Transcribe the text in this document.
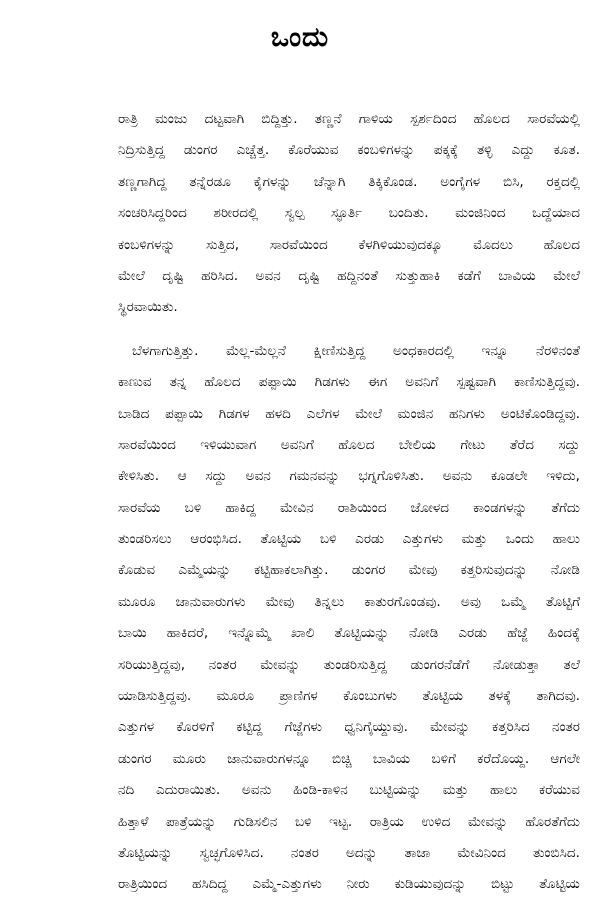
ಒಂದು
ರಾತ್ರಿ ಮಂಜು ದಟ್ಟವಾಗಿ ಬಿದ್ದಿತ್ತು. ತಣ್ಣನೆ ಗಾಳಿಯ ಸ್ಪರ್ಶದಿಂದ ಹೊಲದ ಸಾರವೆಯಲ್ಲಿ
ನಿದ್ರಿಸುತ್ತಿದ್ದ ಡುಂಗರ ಎಚ್ಚೆತ್ತ. ಕೊರೆಯುವ ಕಂಬಳಿಗಳನ್ನು ಪಕ್ಕಕ್ಕೆ ತಳ್ಳಿ ಎದ್ದು ಕೂತ.
ತಣ್ಣಗಾಗಿದ್ದ ತನ್ನೆರಡೂ ಕೈಗಳನ್ನು ಚೆನ್ನಾಗಿ ತಿಕ್ಕಿಕೊಂಡ. ಅಂಗೈಗಳ ಬಿಸಿ, ರಕ್ತದಲ್ಲಿ
ಸಂಚರಿಸಿದ್ದರಿಂದ ಶರೀರದಲ್ಲಿ ಸ್ವಲ್ಪ ಸ್ಫೂರ್ತಿ ಬಂದಿತು. ಮಂಜಿನಿಂದ ಒದ್ದೆಯಾದ
ಕಂಬಳಿಗಳನ್ನು ಸುತ್ತಿದ, ಸಾರವೆಯಿಂದ ಕೆಳಗಿಳಿಯುವುದಕ್ಕೂ ಮೊದಲು ಹೊಲದ
ಮೇಲೆ ದೃಷ್ಟಿ ಹರಿಸಿದ. ಅವನ ದೃಷ್ಟಿ ಹದ್ದಿನಂತೆ ಸುತ್ತುಹಾಕಿ ಕಡೆಗೆ ಬಾವಿಯ ಮೇಲೆ
ಸ್ಥಿರವಾಯಿತು.
ಬೆಳಗಾಗುತ್ತಿತ್ತು. ಮೆಲ್ಲ-ಮೆಲ್ಲನೆ ಕ್ಷೀಣಿಸುತ್ತಿದ್ದ ಅಂಧಕಾರದಲ್ಲಿ ಇನ್ನೂ ನೆರಳಿನಂತೆ
ಕಾಣುವ ತನ್ನ ಹೊಲದ ಪಪ್ಪಾಯಿ ಗಿಡಗಳು ಈಗ ಅವನಿಗೆ ಸ್ಪಷ್ಟವಾಗಿ ಕಾಣಿಸುತ್ತಿದ್ದವು.
ಬಾಡಿದ ಪಪ್ಪಾಯಿ ಗಿಡಗಳ ಹಳದಿ ಎಲೆಗಳ ಮೇಲೆ ಮಂಜಿನ ಹನಿಗಳು ಅಂಟಿಕೊಂಡಿದ್ದವು.
ಸಾರವೆಯಿಂದ ಇಳಿಯುವಾಗ ಅವನಿಗೆ ಹೊಲದ ಬೇಲಿಯ ಗೇಟು ತೆರೆದ ಸದ್ದು
ಕೇಳಿಸಿತು. ಆ ಸದ್ದು ಅವನ ಗಮನವನ್ನು ಭಗ್ನಗೊಳಿಸಿತು. ಅವನು ಕೂಡಲೇ ಇಳಿದು,
ಸಾರವೆಯ ಬಳಿ ಹಾಕಿದ್ದ ಮೇವಿನ ರಾಶಿಯಿಂದ ಜೋಳದ ಕಾಂಡಗಳನ್ನು ತೆಗೆದು
ತುಂಡರಿಸಲು ಆರಂಭಿಸಿದ. ತೊಟ್ಟಿಯ ಬಳಿ ಎರಡು ಎತ್ತುಗಳು ಮತ್ತು ಒಂದು ಹಾಲು
ಕೊಡುವ ಎಮ್ಮೆಯನ್ನು ಕಟ್ಟಿಹಾಕಲಾಗಿತ್ತು. ಡುಂಗರ ಮೇವು ಕತ್ತರಿಸುವುದನ್ನು ನೋಡಿ
ಮೂರೂ ಜಾನುವಾರುಗಳು ಮೇವು ತಿನ್ನಲು ಕಾತುರಗೊಂಡವು. ಅವು ಒಮ್ಮೆ ತೊಟ್ಟಿಗೆ
ಬಾಯಿ ಹಾಕಿದರೆ, ಇನ್ನೊಮ್ಮೆ ಖಾಲಿ ತೊಟ್ಟಿಯನ್ನು ನೋಡಿ ಎರಡು ಹೆಜ್ಜೆ ಹಿಂದಕ್ಕೆ
ಸರಿಯುತ್ತಿದ್ದವು, ನಂತರ ಮೇವನ್ನು ತುಂಡರಿಸುತ್ತಿದ್ದ ಡುಂಗರನೆಡೆಗೆ ನೋಡುತ್ತಾ ತಲೆ
ಯಾಡಿಸುತ್ತಿದ್ದವು. ಮೂರೂ ಪ್ರಾಣಿಗಳ ಕೊಂಬುಗಳು ತೊಟ್ಟಿಯ ತಳಕ್ಕೆ ತಾಗಿದವು.
ಎತ್ತುಗಳ ಕೊರಳಿಗೆ ಕಟ್ಟಿದ್ದ ಗೆಜ್ಜೆಗಳು ಧ್ವನಿಗೈಯ್ದುವು. ಮೇವನ್ನು ಕತ್ತರಿಸಿದ ನಂತರ
ಡುಂಗರ ಮೂರು ಜಾನುವಾರುಗಳನ್ನೂ ಬಿಚ್ಚಿ ಬಾವಿಯ ಬಳಿಗೆ ಕರೆದೊಯ್ದ. ಆಗಲೇ
ನದಿ ಎದುರಾಯಿತು. ಅವನು ಹಿಂಡಿ-ಕಾಳಿನ ಬುಟ್ಟಿಯನ್ನು ಮತ್ತು ಹಾಲು ಕರೆಯುವ
ಹಿತ್ತಾಳೆ ಪಾತ್ರೆಯನ್ನು ಗುಡಿಸಲಿನ ಬಳಿ ಇಟ್ಟ. ರಾತ್ರಿಯ ಉಳಿದ ಮೇವನ್ನು ಹೊರತೆಗೆದು
ತೊಟ್ಟಿಯನ್ನು ಸ್ವಚ್ಛಗೊಳಿಸಿದ. ನಂತರ ಅದನ್ನು ತಾಜಾ ಮೇವಿನಿಂದ ತುಂಬಿಸಿದ.
ರಾತ್ರಿಯಿಂದ ಹಸಿದಿದ್ದ ಎಮ್ಮೆ-ಎತ್ತುಗಳು ನೀರು ಕುಡಿಯುವುದನ್ನು ಬಿಟ್ಟು ತೊಟ್ಟಿಯ
